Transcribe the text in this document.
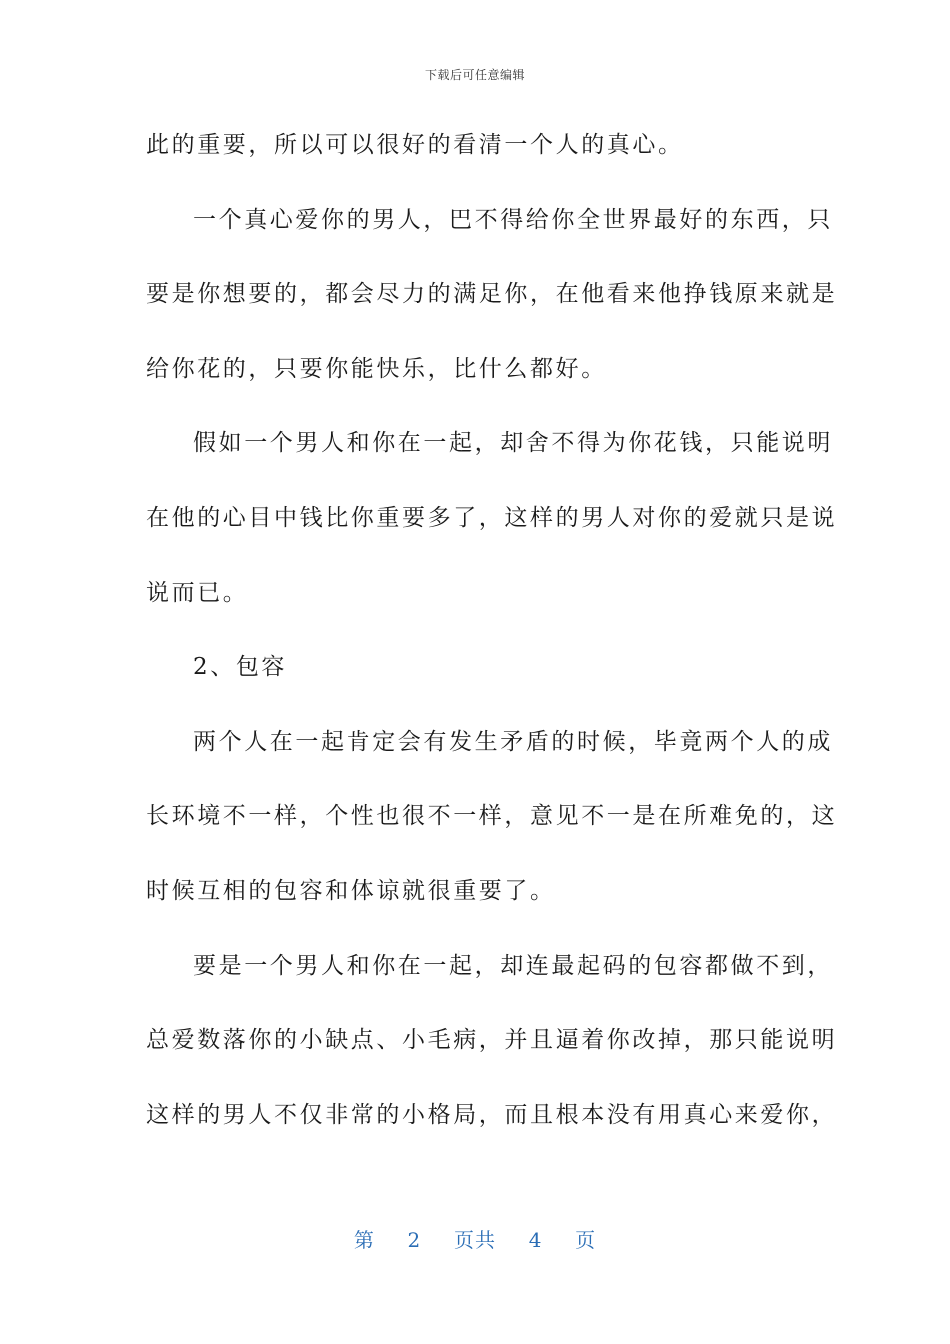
下载后可任意编辑
此的重要，所以可以很好的看清一个人的真心。
一个真心爱你的男人，巴不得给你全世界最好的东西，只
要是你想要的，都会尽力的满足你，在他看来他挣钱原来就是
给你花的，只要你能快乐，比什么都好。
假如一个男人和你在一起，却舍不得为你花钱，只能说明
在他的心目中钱比你重要多了，这样的男人对你的爱就只是说
说而已。
2、包容
两个人在一起肯定会有发生矛盾的时候，毕竟两个人的成
长环境不一样，个性也很不一样，意见不一是在所难免的，这
时候互相的包容和体谅就很重要了。
要是一个男人和你在一起，却连最起码的包容都做不到，
总爱数落你的小缺点、小毛病，并且逼着你改掉，那只能说明
这样的男人不仅非常的小格局，而且根本没有用真心来爱你，
第 2 页共 4 页
